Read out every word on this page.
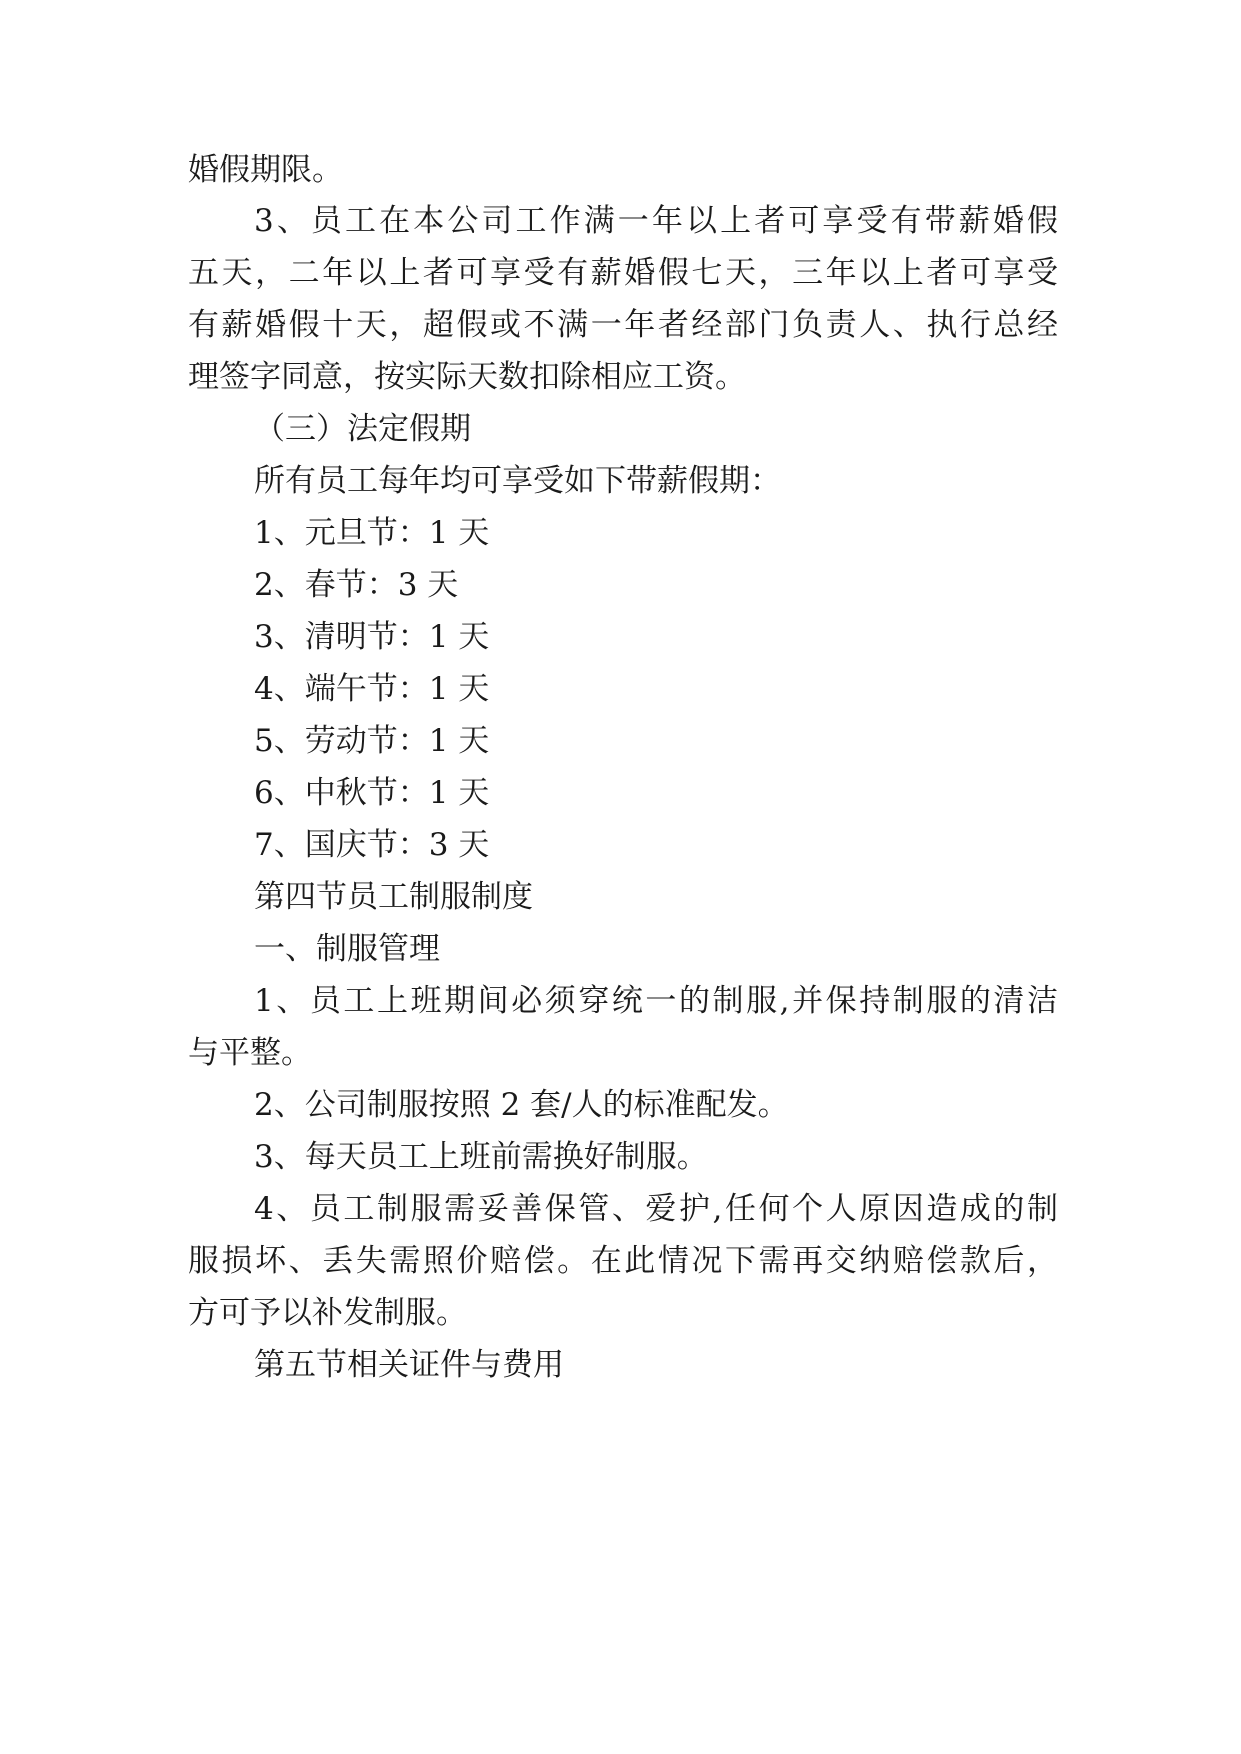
婚假期限。

3、员工在本公司工作满一年以上者可享受有带薪婚假

五天，二年以上者可享受有薪婚假七天，三年以上者可享受

有薪婚假十天，超假或不满一年者经部门负责人、执行总经

理签字同意，按实际天数扣除相应工资。

（三）法定假期

所有员工每年均可享受如下带薪假期：

1、元旦节：1 天

2、春节：3 天

3、清明节：1 天

4、端午节：1 天

5、劳动节：1 天

6、中秋节：1 天

7、国庆节：3 天

第四节员工制服制度

一、制服管理

1、员工上班期间必须穿统一的制服,并保持制服的清洁

与平整。

2、公司制服按照 2 套/人的标准配发。

3、每天员工上班前需换好制服。

4、员工制服需妥善保管、爱护,任何个人原因造成的制

服损坏、丢失需照价赔偿。在此情况下需再交纳赔偿款后，

方可予以补发制服。

第五节相关证件与费用
